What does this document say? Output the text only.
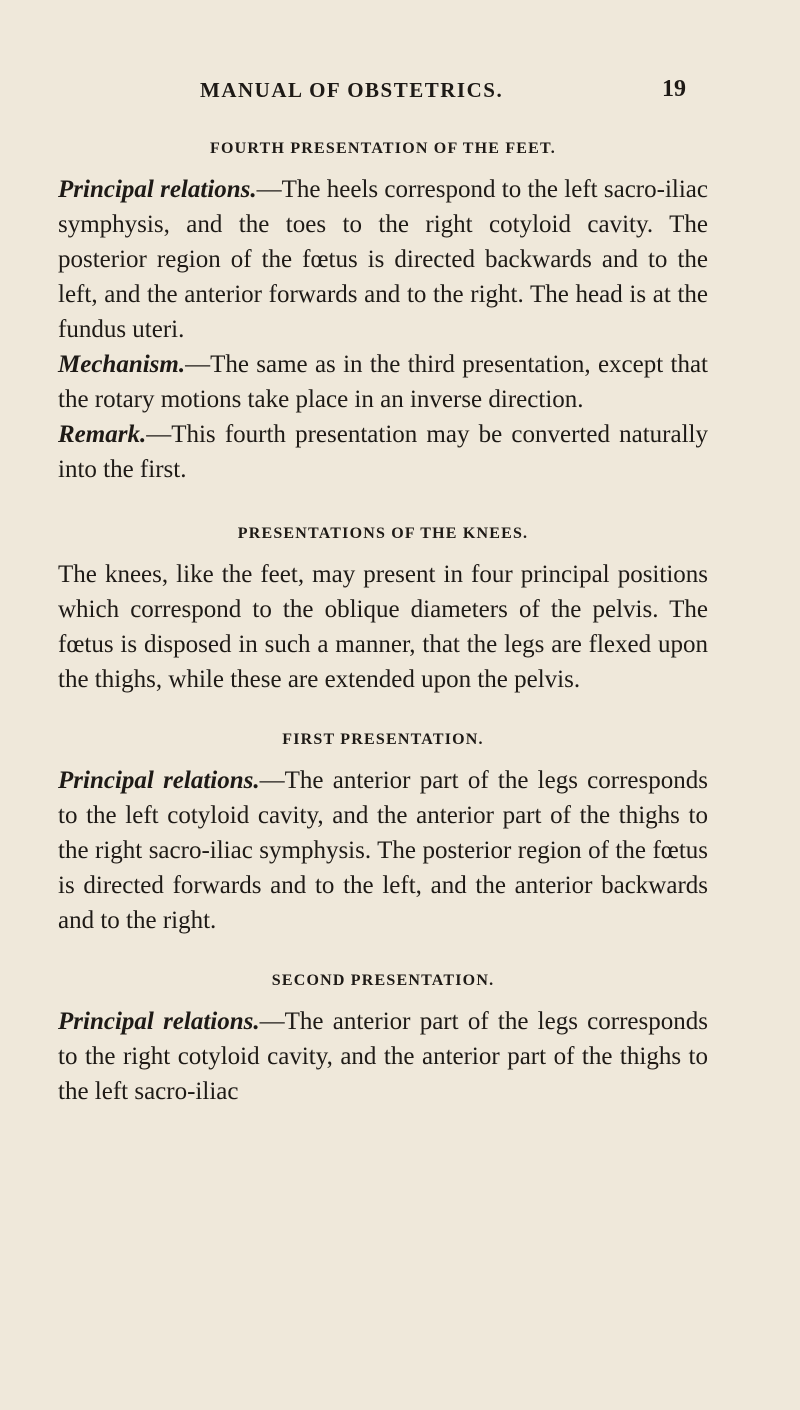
MANUAL OF OBSTETRICS.	19
FOURTH PRESENTATION OF THE FEET.

Principal relations.—The heels correspond to the left sacro-iliac symphysis, and the toes to the right cotyloid cavity. The posterior region of the fœtus is directed backwards and to the left, and the anterior forwards and to the right. The head is at the fundus uteri.

Mechanism.—The same as in the third presentation, except that the rotary motions take place in an inverse direction.

Remark.—This fourth presentation may be converted naturally into the first.

PRESENTATIONS OF THE KNEES.

The knees, like the feet, may present in four principal positions which correspond to the oblique diameters of the pelvis. The fœtus is disposed in such a manner, that the legs are flexed upon the thighs, while these are extended upon the pelvis.

FIRST PRESENTATION.

Principal relations.—The anterior part of the legs corresponds to the left cotyloid cavity, and the anterior part of the thighs to the right sacro-iliac symphysis. The posterior region of the fœtus is directed forwards and to the left, and the anterior backwards and to the right.

SECOND PRESENTATION.

Principal relations.—The anterior part of the legs corresponds to the right cotyloid cavity, and the anterior part of the thighs to the left sacro-iliac
